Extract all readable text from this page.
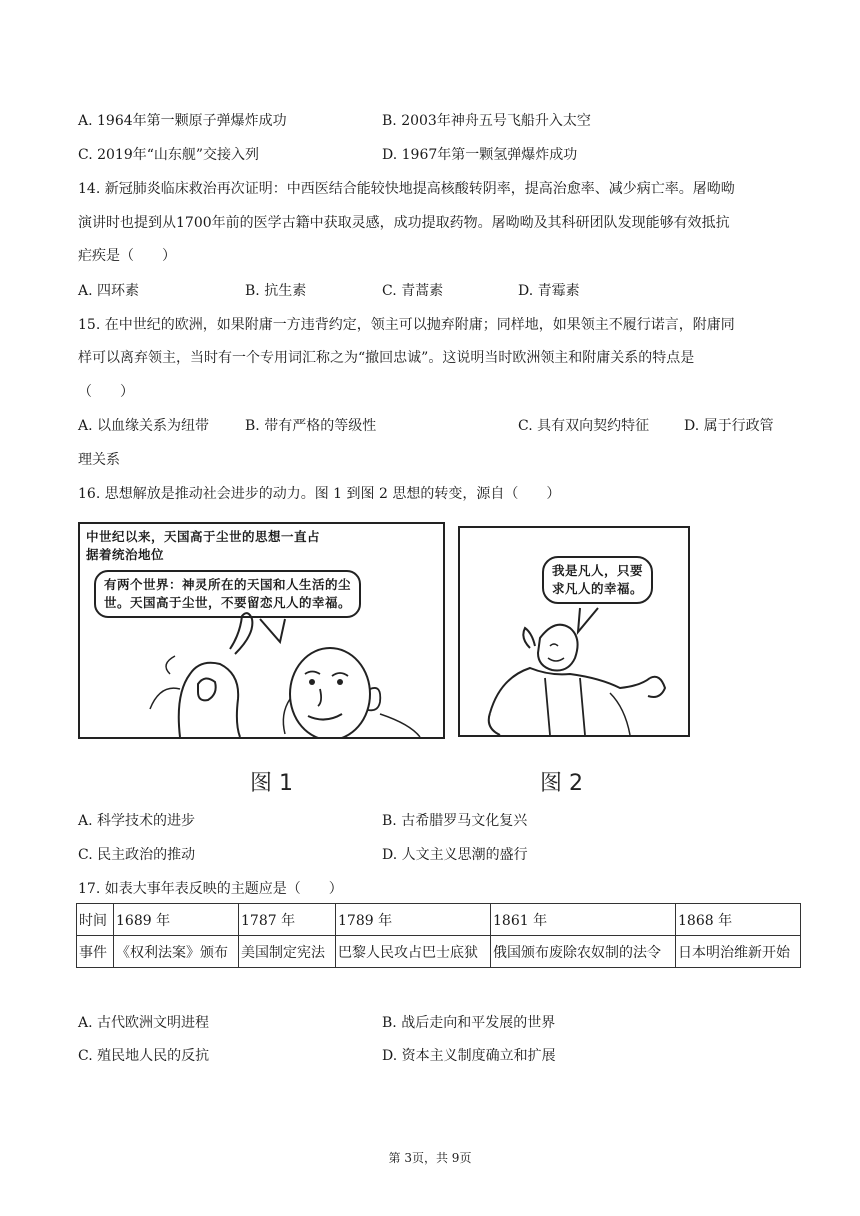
A. 1964年第一颗原子弹爆炸成功	B. 2003年神舟五号飞船升入太空
C. 2019年“山东舰”交接入列	D. 1967年第一颗氢弹爆炸成功
14. 新冠肺炎临床救治再次证明：中西医结合能较快地提高核酸转阴率，提高治愈率、减少病亡率。屠呦呦
演讲时也提到从1700年前的医学古籍中获取灵感，成功提取药物。屠呦呦及其科研团队发现能够有效抵抗
疟疾是（　　）
A. 四环素	B. 抗生素	C. 青蒿素	D. 青霉素
15. 在中世纪的欧洲，如果附庸一方违背约定，领主可以抛弃附庸；同样地，如果领主不履行诺言，附庸同
样可以离弃领主，当时有一个专用词汇称之为“撤回忠诚”。这说明当时欧洲领主和附庸关系的特点是
（　　）
A. 以血缘关系为纽带	B. 带有严格的等级性	C. 具有双向契约特征 D. 属于行政管
理关系
16. 思想解放是推动社会进步的动力。图 1 到图 2 思想的转变，源自（　　）
中世纪以来，天国高于尘世的思想一直占
据着统治地位
有两个世界：神灵所在的天国和人生活的尘
世。天国高于尘世，不要留恋凡人的幸福。
图 1
我是凡人，只要
求凡人的幸福。
图 2
A. 科学技术的进步	B. 古希腊罗马文化复兴
C. 民主政治的推动	D. 人文主义思潮的盛行
17. 如表大事年表反映的主题应是（　　）
时间	1689 年	1787 年	1789 年	1861 年	1868 年
事件	《权利法案》颁布	美国制定宪法	巴黎人民攻占巴士底狱	俄国颁布废除农奴制的法令	日本明治维新开始
A. 古代欧洲文明进程	B. 战后走向和平发展的世界
C. 殖民地人民的反抗	D. 资本主义制度确立和扩展
第 3页，共 9页
